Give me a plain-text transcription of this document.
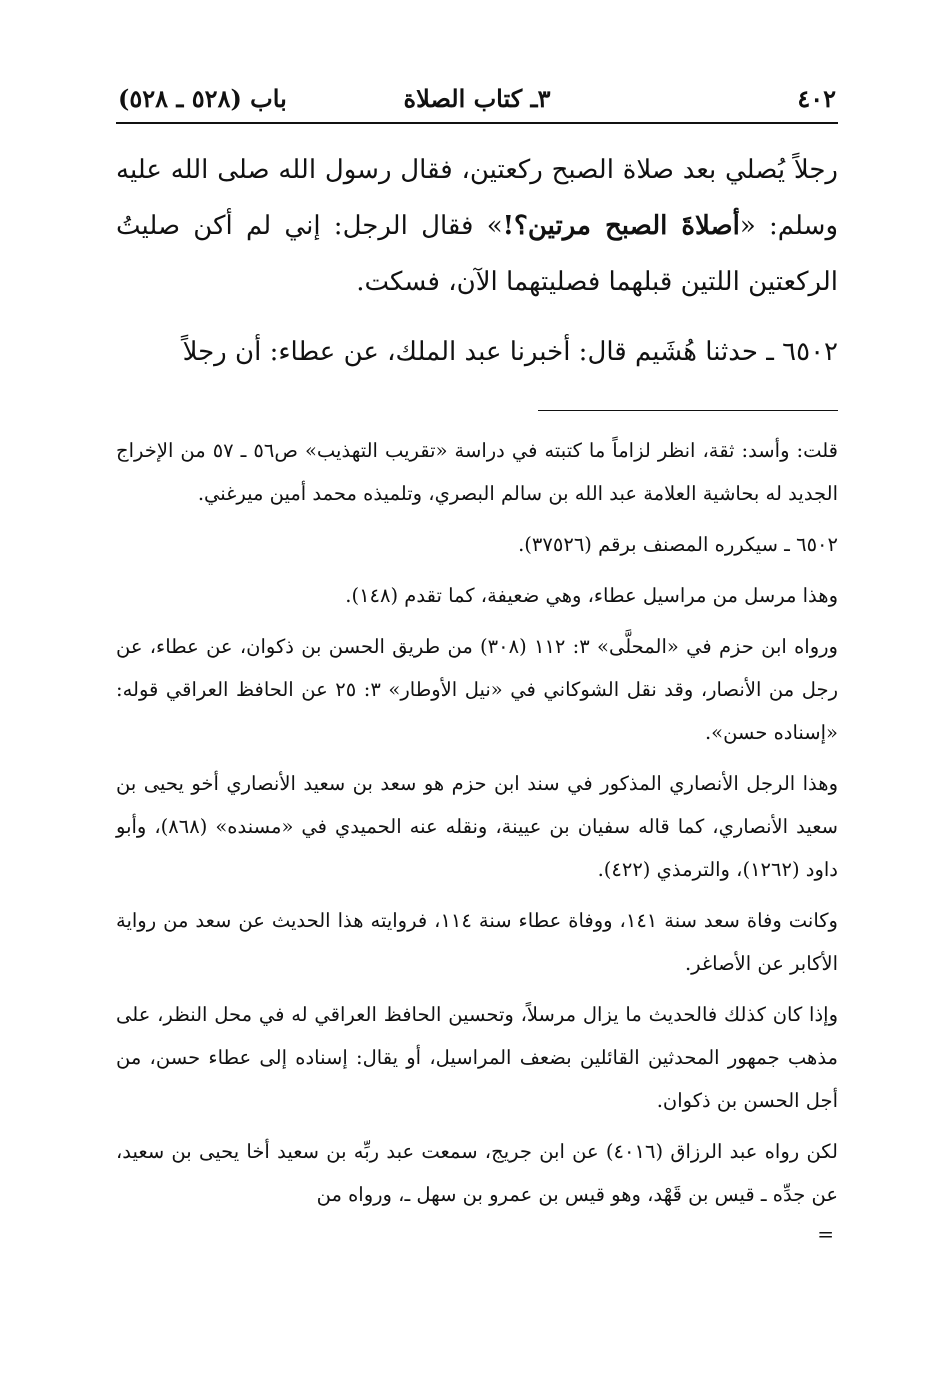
٤٠٢
٣ـ كتاب الصلاة
باب (٥٢٨ ـ ٥٢٨)

رجلاً يُصلي بعد صلاة الصبح ركعتين، فقال رسول الله صلى الله عليه وسلم: «أصلاةَ الصبح مرتين؟!» فقال الرجل: إني لم أكن صليتُ الركعتين اللتين قبلهما فصليتهما الآن، فسكت.

٦٥٠٢ ـ حدثنا هُشَيم قال: أخبرنا عبد الملك، عن عطاء: أن رجلاً

قلت: وأسد: ثقة، انظر لزاماً ما كتبته في دراسة «تقريب التهذيب» ص٥٦ ـ ٥٧ من الإخراج الجديد له بحاشية العلامة عبد الله بن سالم البصري، وتلميذه محمد أمين ميرغني.

٦٥٠٢ ـ سيكرره المصنف برقم (٣٧٥٢٦).

وهذا مرسل من مراسيل عطاء، وهي ضعيفة، كما تقدم (١٤٨).

ورواه ابن حزم في «المحلَّى» ٣: ١١٢ (٣٠٨) من طريق الحسن بن ذكوان، عن عطاء، عن رجل من الأنصار، وقد نقل الشوكاني في «نيل الأوطار» ٣: ٢٥ عن الحافظ العراقي قوله: «إسناده حسن».

وهذا الرجل الأنصاري المذكور في سند ابن حزم هو سعد بن سعيد الأنصاري أخو يحيى بن سعيد الأنصاري، كما قاله سفيان بن عيينة، ونقله عنه الحميدي في «مسنده» (٨٦٨)، وأبو داود (١٢٦٢)، والترمذي (٤٢٢).

وكانت وفاة سعد سنة ١٤١، ووفاة عطاء سنة ١١٤، فروايته هذا الحديث عن سعد من رواية الأكابر عن الأصاغر.

وإذا كان كذلك فالحديث ما يزال مرسلاً، وتحسين الحافظ العراقي له في محل النظر، على مذهب جمهور المحدثين القائلين بضعف المراسيل، أو يقال: إسناده إلى عطاء حسن، من أجل الحسن بن ذكوان.

لكن رواه عبد الرزاق (٤٠١٦) عن ابن جريج، سمعت عبد ربِّه بن سعيد أخا يحيى بن سعيد، عن جدِّه ـ قيس بن قَهْد، وهو قيس بن عمرو بن سهل ـ، ورواه من

=
